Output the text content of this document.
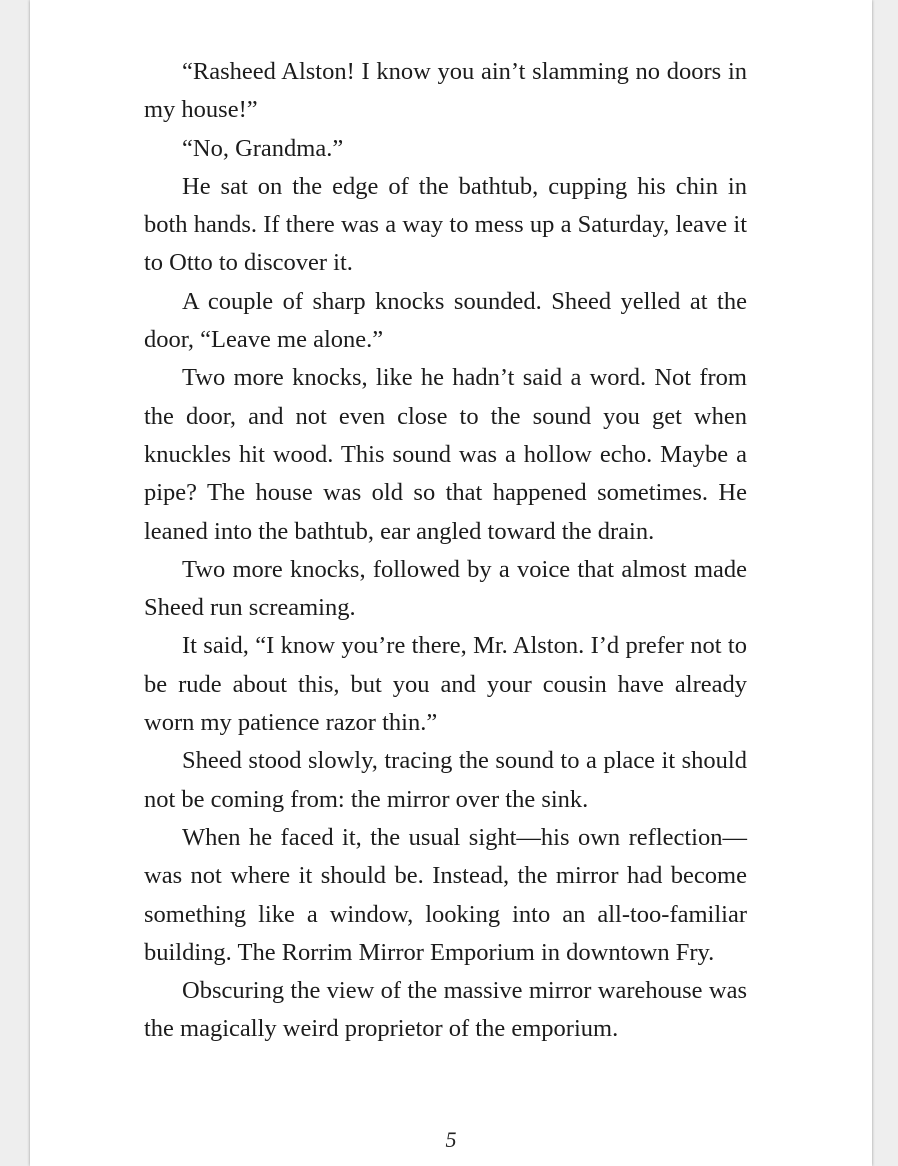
“Rasheed Alston! I know you ain’t slamming no doors in my house!”

“No, Grandma.”

He sat on the edge of the bathtub, cupping his chin in both hands. If there was a way to mess up a Saturday, leave it to Otto to discover it.

A couple of sharp knocks sounded. Sheed yelled at the door, “Leave me alone.”

Two more knocks, like he hadn’t said a word. Not from the door, and not even close to the sound you get when knuckles hit wood. This sound was a hollow echo. Maybe a pipe? The house was old so that happened sometimes. He leaned into the bathtub, ear angled toward the drain.

Two more knocks, followed by a voice that almost made Sheed run screaming.

It said, “I know you’re there, Mr. Alston. I’d prefer not to be rude about this, but you and your cousin have already worn my patience razor thin.”

Sheed stood slowly, tracing the sound to a place it should not be coming from: the mirror over the sink.

When he faced it, the usual sight—his own reflection—was not where it should be. Instead, the mirror had become something like a window, looking into an all-too-familiar building. The Rorrim Mirror Emporium in downtown Fry.

Obscuring the view of the massive mirror warehouse was the magically weird proprietor of the emporium.

5
